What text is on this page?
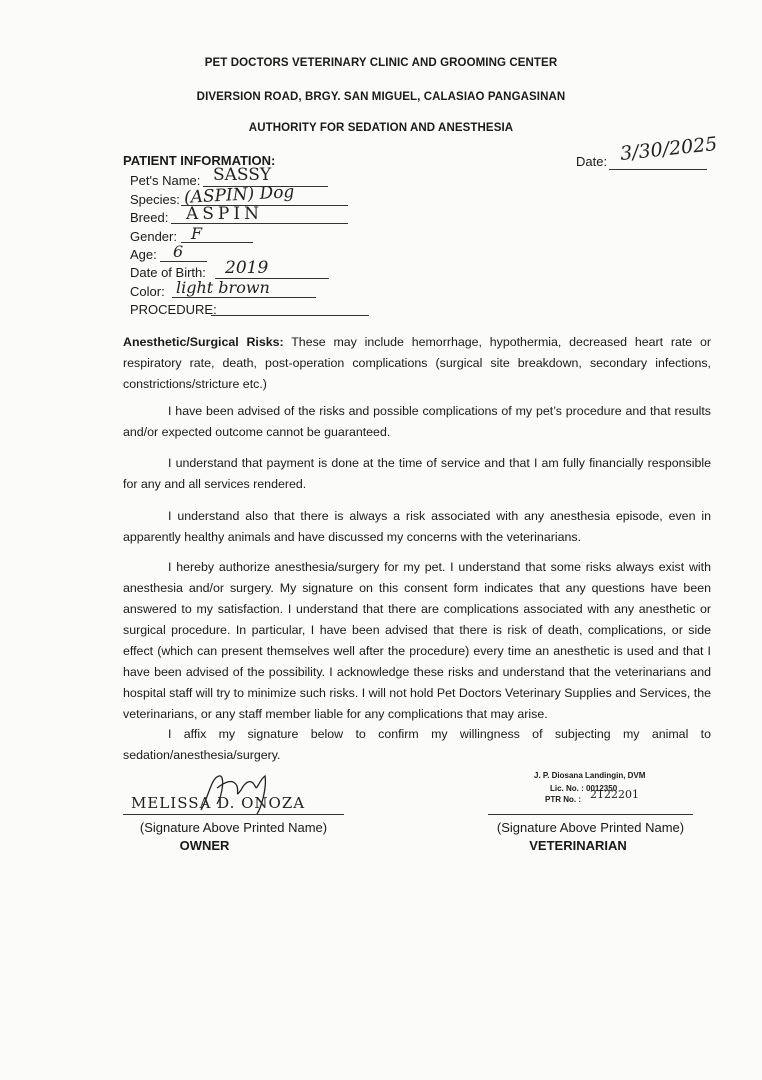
PET DOCTORS VETERINARY CLINIC AND GROOMING CENTER
DIVERSION ROAD, BRGY. SAN MIGUEL, CALASIAO PANGASINAN
AUTHORITY FOR SEDATION AND ANESTHESIA
PATIENT INFORMATION:	Date: 3/30/2025
Pet's Name: SASSY
Species: (ASPIN) Dog
Breed: ASPIN
Gender: F
Age: 6
Date of Birth: 2019
Color: light brown
PROCEDURE:
Anesthetic/Surgical Risks: These may include hemorrhage, hypothermia, decreased heart rate or respiratory rate, death, post-operation complications (surgical site breakdown, secondary infections, constrictions/stricture etc.)
I have been advised of the risks and possible complications of my pet’s procedure and that results and/or expected outcome cannot be guaranteed.
I understand that payment is done at the time of service and that I am fully financially responsible for any and all services rendered.
I understand also that there is always a risk associated with any anesthesia episode, even in apparently healthy animals and have discussed my concerns with the veterinarians.
I hereby authorize anesthesia/surgery for my pet. I understand that some risks always exist with anesthesia and/or surgery. My signature on this consent form indicates that any questions have been answered to my satisfaction. I understand that there are complications associated with any anesthetic or surgical procedure. In particular, I have been advised that there is risk of death, complications, or side effect (which can present themselves well after the procedure) every time an anesthetic is used and that I have been advised of the possibility. I acknowledge these risks and understand that the veterinarians and hospital staff will try to minimize such risks. I will not hold Pet Doctors Veterinary Supplies and Services, the veterinarians, or any staff member liable for any complications that may arise.
I affix my signature below to confirm my willingness of subjecting my animal to sedation/anesthesia/surgery.
MELISSA D. ONOZA
(Signature Above Printed Name)
OWNER
J. P. Diosana Landingin, DVM
Lic. No. : 0012350
PTR No. : 2122201
(Signature Above Printed Name)
VETERINARIAN
